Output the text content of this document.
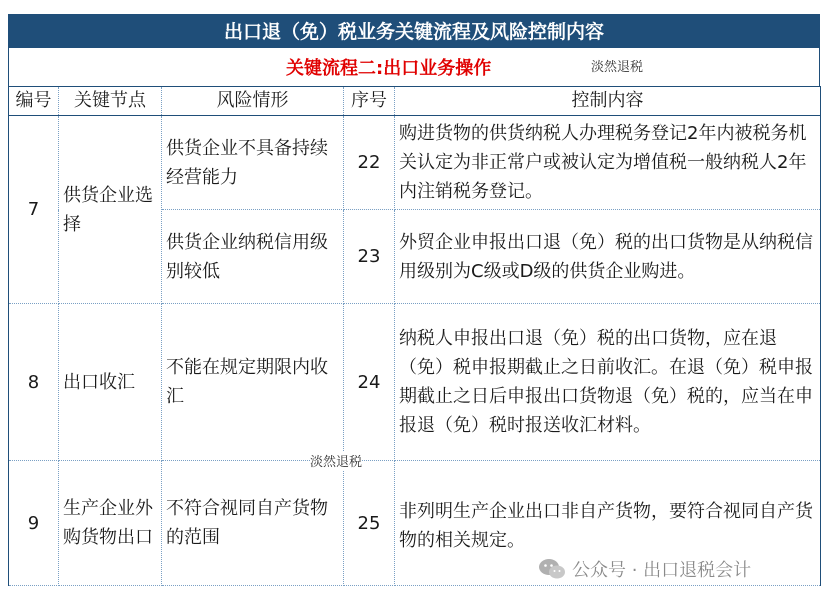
出口退（免）税业务关键流程及风险控制内容
关键流程二:出口业务操作	淡然退税
编号	关键节点	风险情形	序号	控制内容
7	供货企业选择	供货企业不具备持续经营能力	22	购进货物的供货纳税人办理税务登记2年内被税务机关认定为非正常户或被认定为增值税一般纳税人2年内注销税务登记。
		供货企业纳税信用级别较低	23	外贸企业申报出口退（免）税的出口货物是从纳税信用级别为C级或D级的供货企业购进。
8	出口收汇	不能在规定期限内收汇	24	纳税人申报出口退（免）税的出口货物，应在退（免）税申报期截止之日前收汇。在退（免）税申报期截止之日后申报出口货物退（免）税的，应当在申报退（免）税时报送收汇材料。
9	生产企业外购货物出口	不符合视同自产货物的范围	25	非列明生产企业出口非自产货物，要符合视同自产货物的相关规定。
淡然退税
公众号 · 出口退税会计
